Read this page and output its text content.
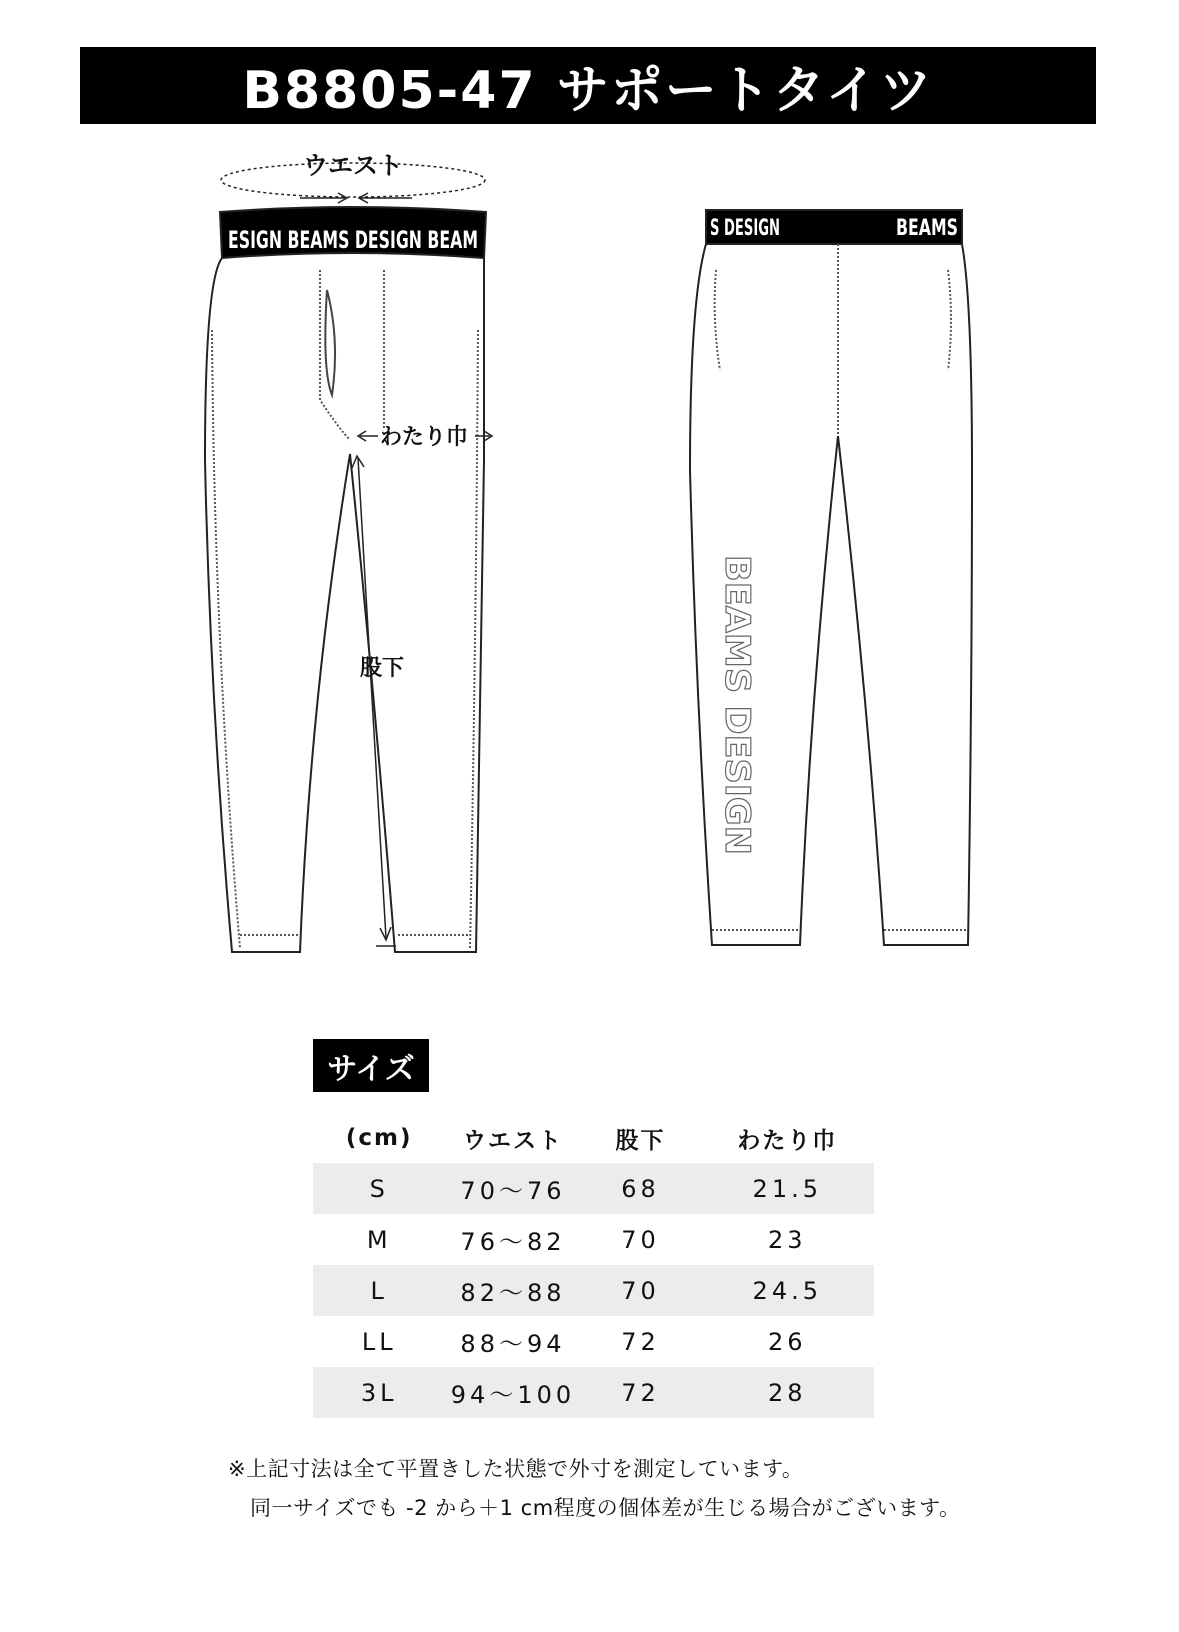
B8805-47 サポートタイツ
ウエスト
ESIGN BEAMS DESIGN BEAM
わたり巾
股下
S DESIGN	BEAMS
BEAMS DESIGN
サイズ
(cm)	ウエスト	股下	わたり巾
S	70～76	68	21.5
M	76～82	70	23
L	82～88	70	24.5
LL	88～94	72	26
3L	94～100	72	28
※上記寸法は全て平置きした状態で外寸を測定しています。
同一サイズでも -2 から＋1 cm程度の個体差が生じる場合がございます。
